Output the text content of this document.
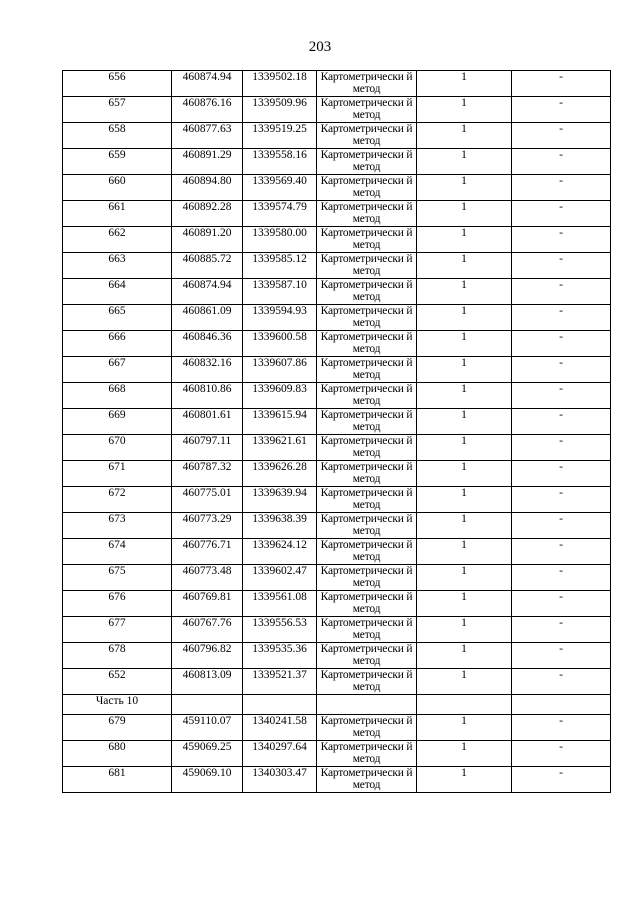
203
656	460874.94	1339502.18	Картометрически й метод	1	-
657	460876.16	1339509.96	Картометрически й метод	1	-
658	460877.63	1339519.25	Картометрически й метод	1	-
659	460891.29	1339558.16	Картометрически й метод	1	-
660	460894.80	1339569.40	Картометрически й метод	1	-
661	460892.28	1339574.79	Картометрически й метод	1	-
662	460891.20	1339580.00	Картометрически й метод	1	-
663	460885.72	1339585.12	Картометрически й метод	1	-
664	460874.94	1339587.10	Картометрически й метод	1	-
665	460861.09	1339594.93	Картометрически й метод	1	-
666	460846.36	1339600.58	Картометрически й метод	1	-
667	460832.16	1339607.86	Картометрически й метод	1	-
668	460810.86	1339609.83	Картометрически й метод	1	-
669	460801.61	1339615.94	Картометрически й метод	1	-
670	460797.11	1339621.61	Картометрически й метод	1	-
671	460787.32	1339626.28	Картометрически й метод	1	-
672	460775.01	1339639.94	Картометрически й метод	1	-
673	460773.29	1339638.39	Картометрически й метод	1	-
674	460776.71	1339624.12	Картометрически й метод	1	-
675	460773.48	1339602.47	Картометрически й метод	1	-
676	460769.81	1339561.08	Картометрически й метод	1	-
677	460767.76	1339556.53	Картометрически й метод	1	-
678	460796.82	1339535.36	Картометрически й метод	1	-
652	460813.09	1339521.37	Картометрически й метод	1	-
Часть 10					
679	459110.07	1340241.58	Картометрически й метод	1	-
680	459069.25	1340297.64	Картометрически й метод	1	-
681	459069.10	1340303.47	Картометрически й метод	1	-
